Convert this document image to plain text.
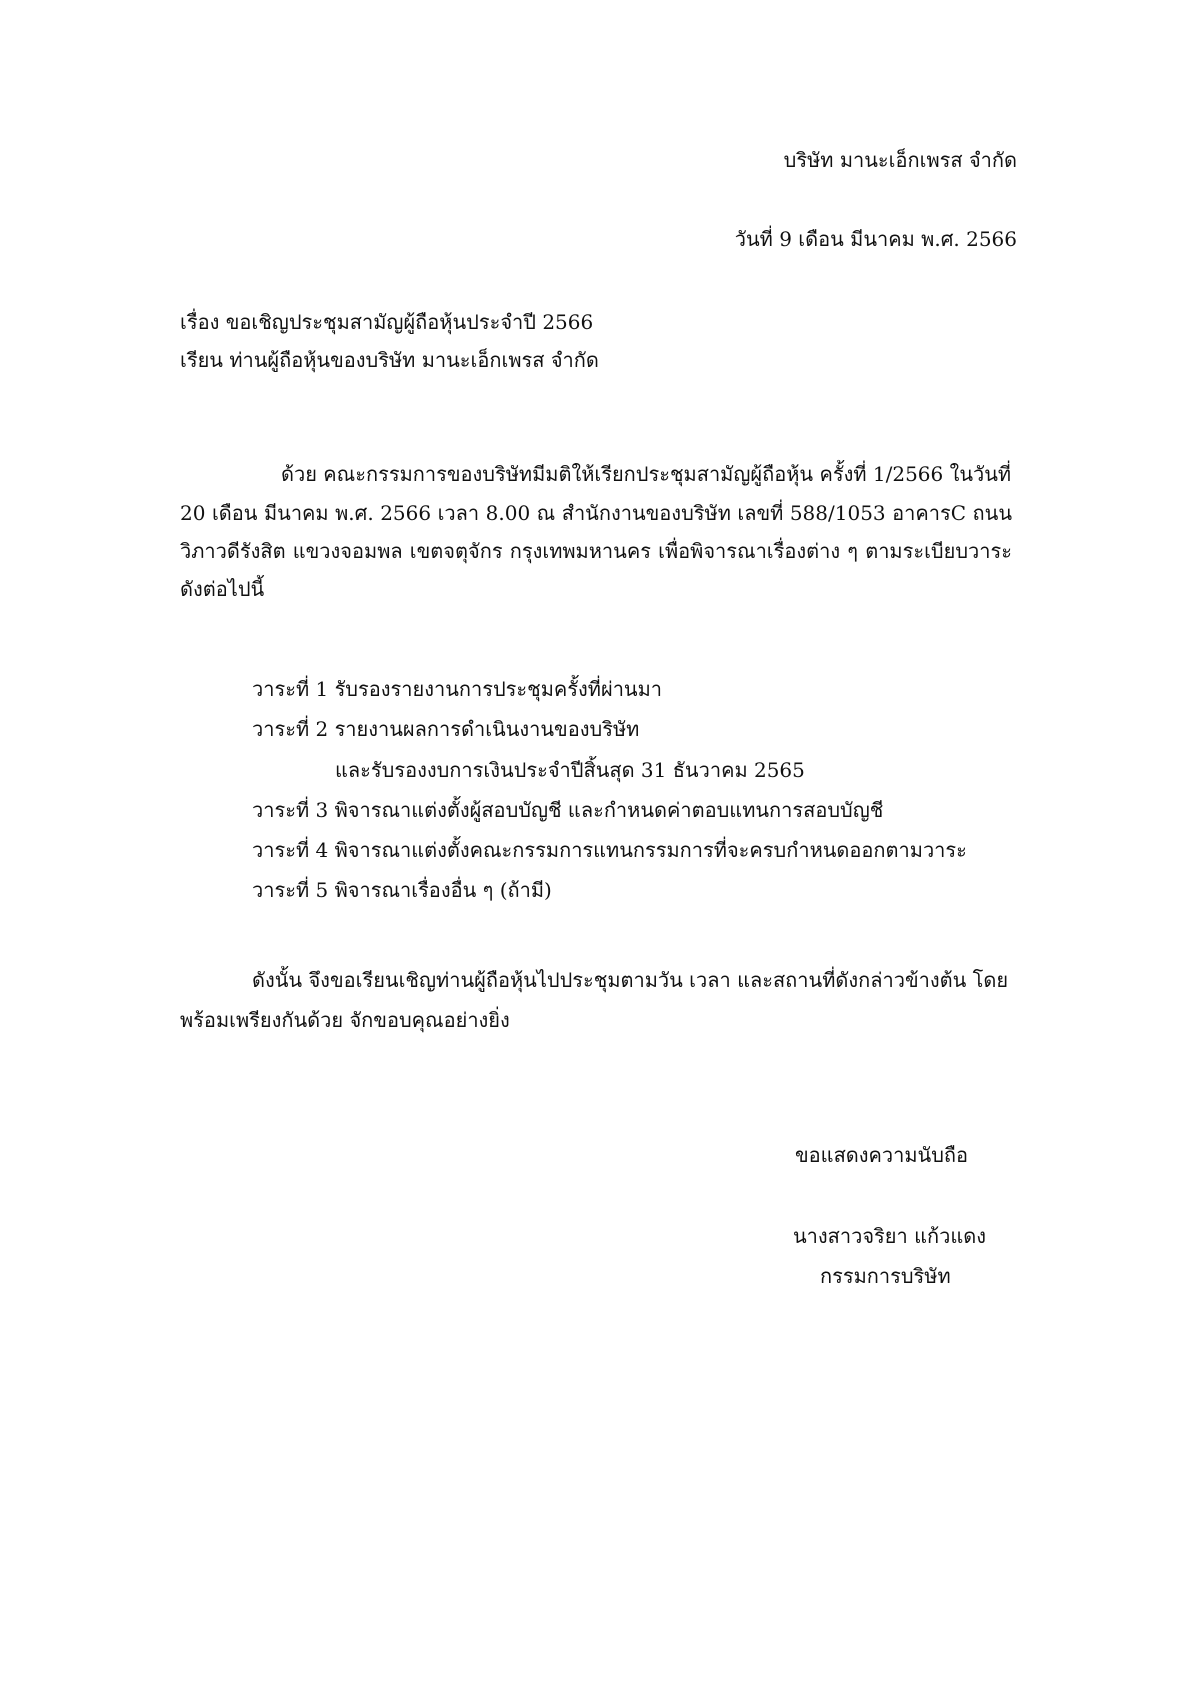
บริษัท มานะเอ็กเพรส จำกัด
วันที่ 9 เดือน มีนาคม พ.ศ. 2566
เรื่อง ขอเชิญประชุมสามัญผู้ถือหุ้นประจำปี 2566
เรียน ท่านผู้ถือหุ้นของบริษัท มานะเอ็กเพรส จำกัด
ด้วย คณะกรรมการของบริษัทมีมติให้เรียกประชุมสามัญผู้ถือหุ้น ครั้งที่ 1/2566 ในวันที่
20 เดือน มีนาคม พ.ศ. 2566 เวลา 8.00 ณ สำนักงานของบริษัท เลขที่ 588/1053 อาคารC ถนน
วิภาวดีรังสิต แขวงจอมพล เขตจตุจักร กรุงเทพมหานคร เพื่อพิจารณาเรื่องต่าง ๆ ตามระเบียบวาระ
ดังต่อไปนี้
วาระที่ 1 รับรองรายงานการประชุมครั้งที่ผ่านมา
วาระที่ 2 รายงานผลการดำเนินงานของบริษัท
และรับรองงบการเงินประจำปีสิ้นสุด 31 ธันวาคม 2565
วาระที่ 3 พิจารณาแต่งตั้งผู้สอบบัญชี และกำหนดค่าตอบแทนการสอบบัญชี
วาระที่ 4 พิจารณาแต่งตั้งคณะกรรมการแทนกรรมการที่จะครบกำหนดออกตามวาระ
วาระที่ 5 พิจารณาเรื่องอื่น ๆ (ถ้ามี)
ดังนั้น จึงขอเรียนเชิญท่านผู้ถือหุ้นไปประชุมตามวัน เวลา และสถานที่ดังกล่าวข้างต้น โดย
พร้อมเพรียงกันด้วย จักขอบคุณอย่างยิ่ง
ขอแสดงความนับถือ
นางสาวจริยา แก้วแดง
กรรมการบริษัท
